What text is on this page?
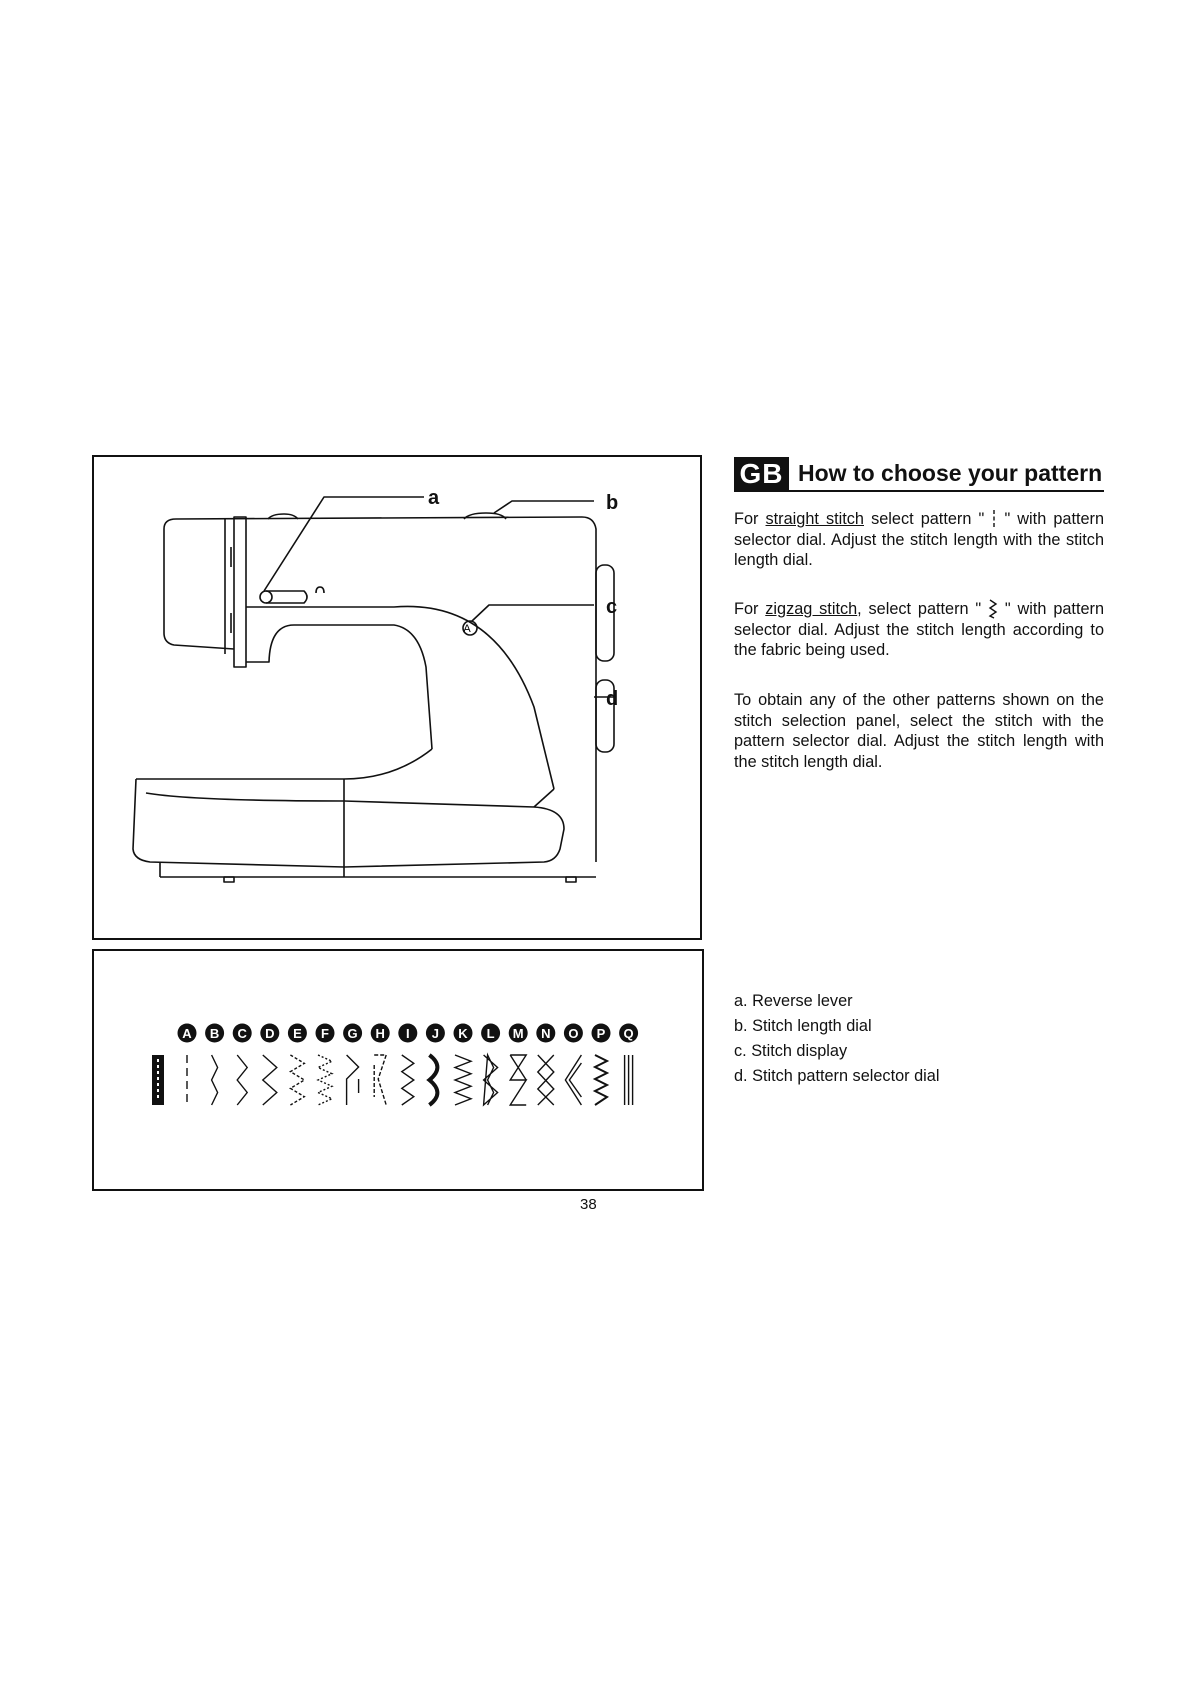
A
a	b
c
d
A B C D E F G H I J K L M N O P Q
GB How to choose your pattern

For straight stitch select pattern " " with pattern selector dial. Adjust the stitch length with the stitch length dial.

For zigzag stitch, select pattern " " with pattern selector dial. Adjust the stitch length according to the fabric being used.

To obtain any of the other patterns shown on the stitch selection panel, select the stitch with the pattern selector dial. Adjust the stitch length with the stitch length dial.

a. Reverse lever
b. Stitch length dial
c. Stitch display
d. Stitch pattern selector dial
38
